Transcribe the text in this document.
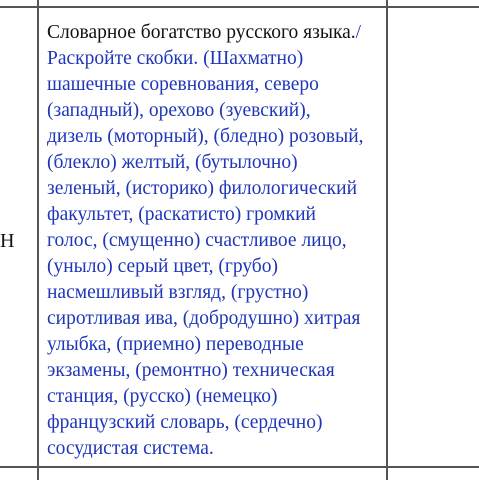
Н
Словарное богатство русского языка./
Раскройте скобки. (Шахматно)
шашечные соревнования, северо
(западный), орехово (зуевский),
дизель (моторный), (бледно) розовый,
(блекло) желтый, (бутылочно)
зеленый, (историко) филологический
факультет, (раскатисто) громкий
голос, (смущенно) счастливое лицо,
(уныло) серый цвет, (грубо)
насмешливый взгляд, (грустно)
сиротливая ива, (добродушно) хитрая
улыбка, (приемно) переводные
экзамены, (ремонтно) техническая
станция, (русско) (немецко)
французский словарь, (сердечно)
сосудистая система.
